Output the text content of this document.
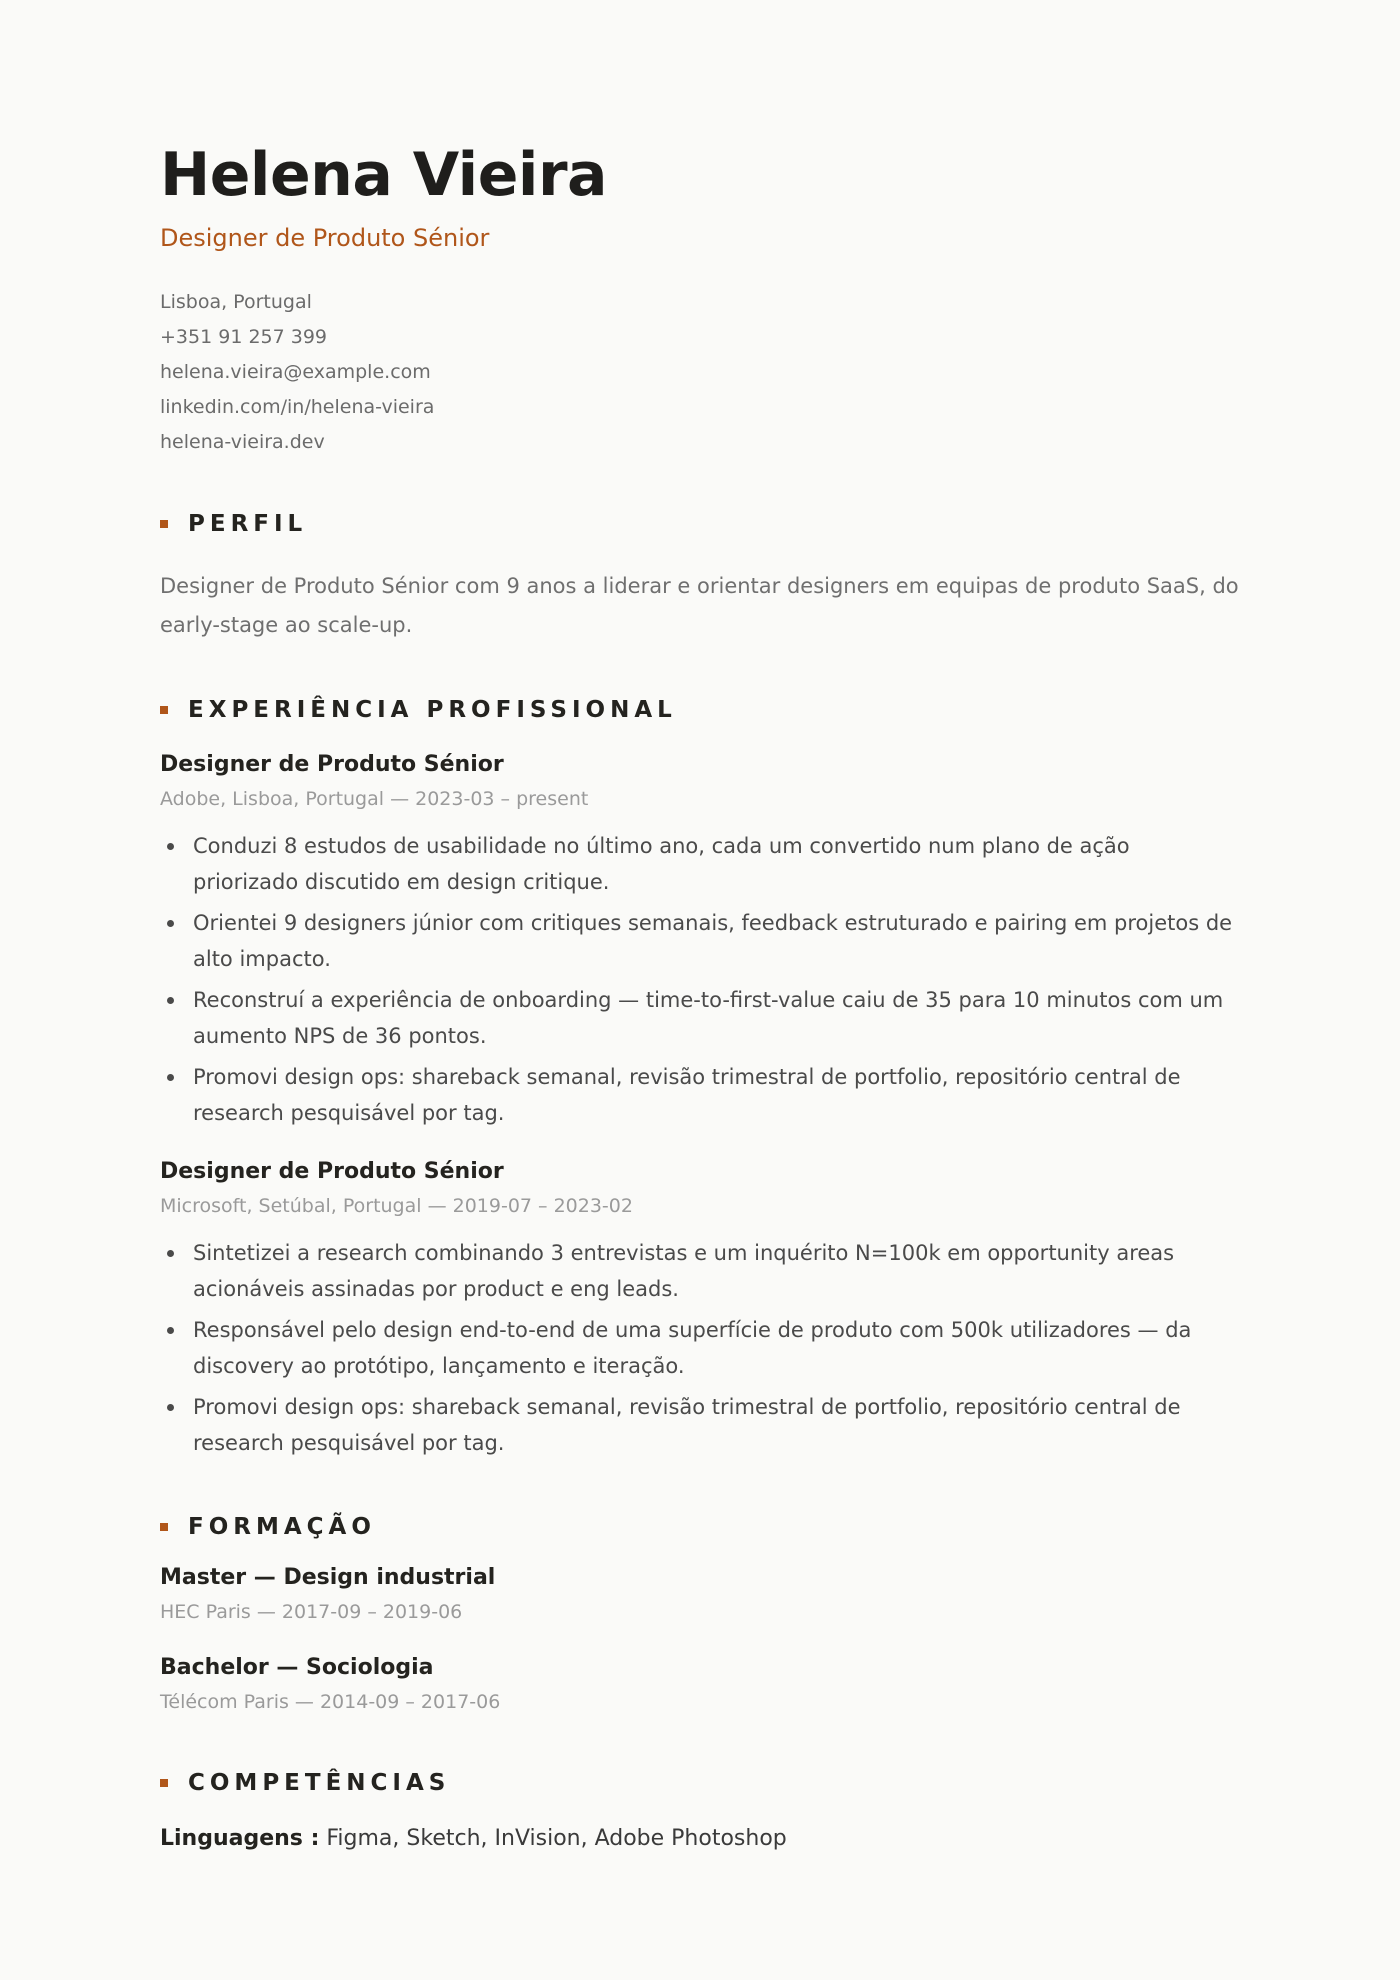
Helena Vieira
Designer de Produto Sénior
Lisboa, Portugal
+351 91 257 399
helena.vieira@example.com
linkedin.com/in/helena-vieira
helena-vieira.dev
PERFIL
Designer de Produto Sénior com 9 anos a liderar e orientar designers em equipas de produto SaaS, do early-stage ao scale-up.
EXPERIÊNCIA PROFISSIONAL
Designer de Produto Sénior
Adobe, Lisboa, Portugal — 2023-03 – present
Conduzi 8 estudos de usabilidade no último ano, cada um convertido num plano de ação priorizado discutido em design critique.
Orientei 9 designers júnior com critiques semanais, feedback estruturado e pairing em projetos de alto impacto.
Reconstruí a experiência de onboarding — time-to-first-value caiu de 35 para 10 minutos com um aumento NPS de 36 pontos.
Promovi design ops: shareback semanal, revisão trimestral de portfolio, repositório central de research pesquisável por tag.
Designer de Produto Sénior
Microsoft, Setúbal, Portugal — 2019-07 – 2023-02
Sintetizei a research combinando 3 entrevistas e um inquérito N=100k em opportunity areas acionáveis assinadas por product e eng leads.
Responsável pelo design end-to-end de uma superfície de produto com 500k utilizadores — da discovery ao protótipo, lançamento e iteração.
Promovi design ops: shareback semanal, revisão trimestral de portfolio, repositório central de research pesquisável por tag.
FORMAÇÃO
Master — Design industrial
HEC Paris — 2017-09 – 2019-06
Bachelor — Sociologia
Télécom Paris — 2014-09 – 2017-06
COMPETÊNCIAS
Linguagens : Figma, Sketch, InVision, Adobe Photoshop
